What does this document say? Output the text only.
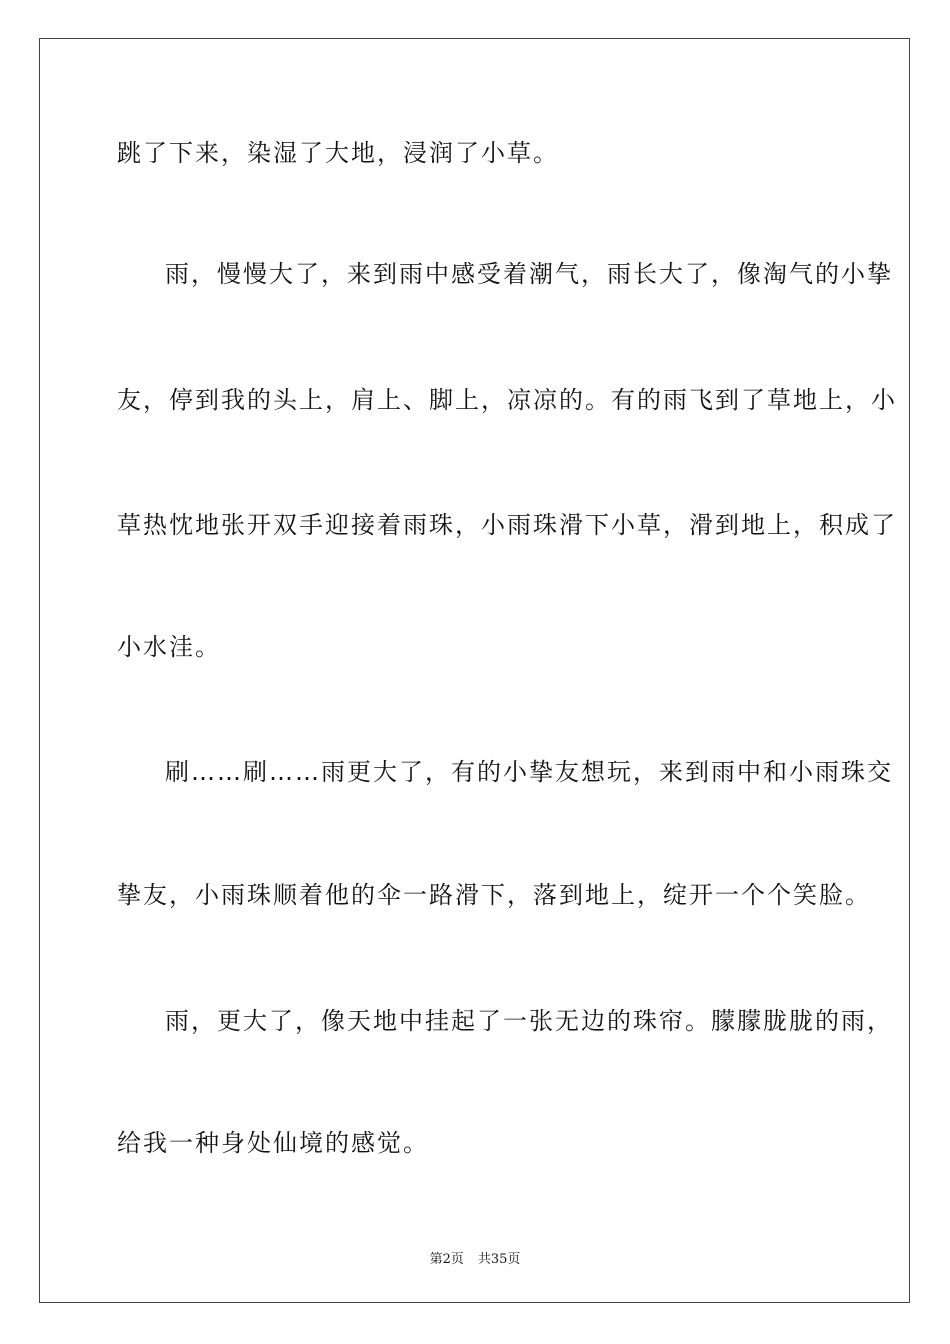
跳了下来，染湿了大地，浸润了小草。
雨，慢慢大了，来到雨中感受着潮气，雨长大了，像淘气的小挚
友，停到我的头上，肩上、脚上，凉凉的。有的雨飞到了草地上，小
草热忱地张开双手迎接着雨珠，小雨珠滑下小草，滑到地上，积成了
小水洼。
刷……刷……雨更大了，有的小挚友想玩，来到雨中和小雨珠交
挚友，小雨珠顺着他的伞一路滑下，落到地上，绽开一个个笑脸。
雨，更大了，像天地中挂起了一张无边的珠帘。朦朦胧胧的雨，
给我一种身处仙境的感觉。
第2页 共35页
